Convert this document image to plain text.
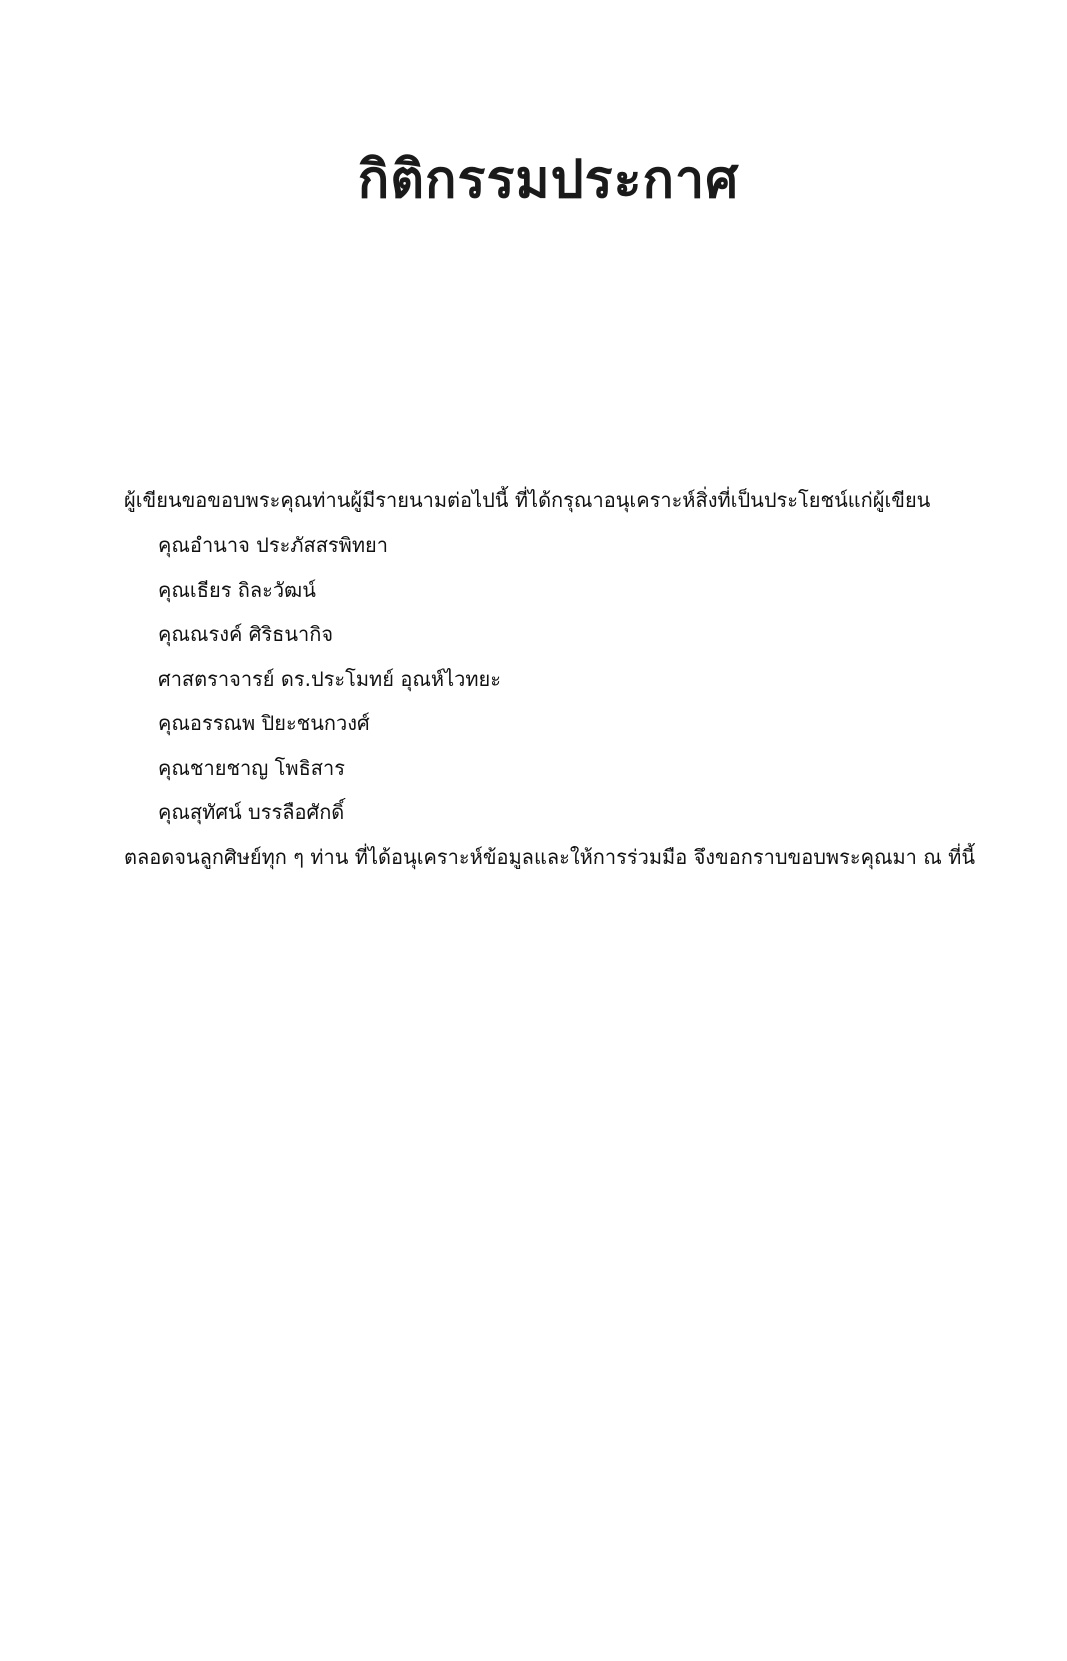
กิติกรรมประกาศ
ผู้เขียนขอขอบพระคุณท่านผู้มีรายนามต่อไปนี้ ที่ได้กรุณาอนุเคราะห์สิ่งที่เป็นประโยชน์แก่ผู้เขียน
คุณอำนาจ ประภัสสรพิทยา
คุณเธียร ถิละวัฒน์
คุณณรงค์ ศิริธนากิจ
ศาสตราจารย์ ดร.ประโมทย์ อุณห์ไวทยะ
คุณอรรณพ ปิยะชนกวงศ์
คุณชายชาญ โพธิสาร
คุณสุทัศน์ บรรลือศักดิ์
ตลอดจนลูกศิษย์ทุก ๆ ท่าน ที่ได้อนุเคราะห์ข้อมูลและให้การร่วมมือ จึงขอกราบขอบพระคุณมา ณ ที่นี้
